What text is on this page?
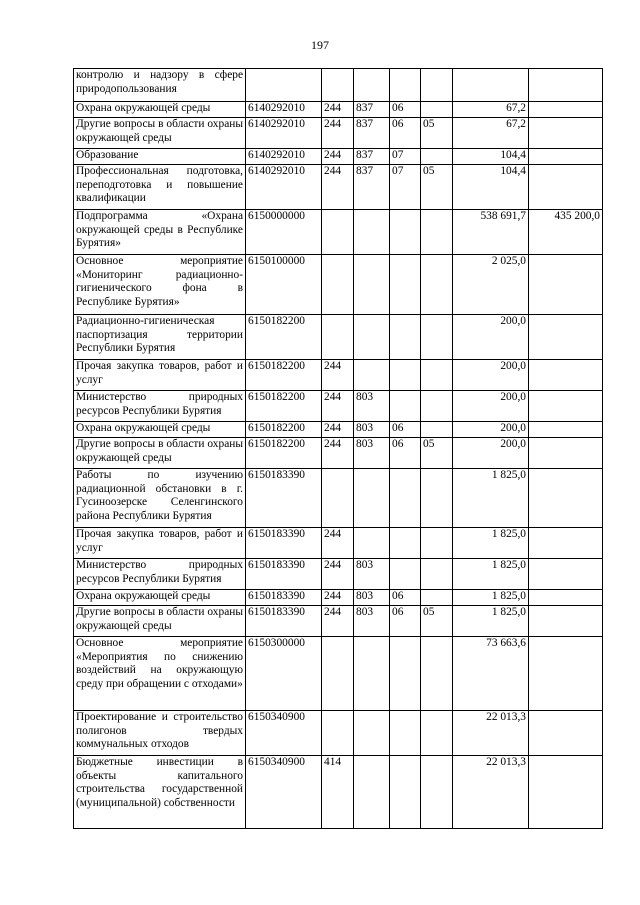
197
контролю и надзору в сфере природопользования							
Охрана окружающей среды	6140292010	244	837	06		67,2	
Другие вопросы в области охраны окружающей среды	6140292010	244	837	06	05	67,2	
Образование	6140292010	244	837	07		104,4	
Профессиональная подготовка, переподготовка и повышение квалификации	6140292010	244	837	07	05	104,4	
Подпрограмма «Охрана окружающей среды в Республике Бурятия»	6150000000					538 691,7	435 200,0
Основное мероприятие «Мониторинг радиационно-гигиенического фона в Республике Бурятия»	6150100000					2 025,0	
Радиационно-гигиеническая паспортизация территории Республики Бурятия	6150182200					200,0	
Прочая закупка товаров, работ и услуг	6150182200	244				200,0	
Министерство природных ресурсов Республики Бурятия	6150182200	244	803			200,0	
Охрана окружающей среды	6150182200	244	803	06		200,0	
Другие вопросы в области охраны окружающей среды	6150182200	244	803	06	05	200,0	
Работы по изучению радиационной обстановки в г. Гусиноозерске Селенгинского района Республики Бурятия	6150183390					1 825,0	
Прочая закупка товаров, работ и услуг	6150183390	244				1 825,0	
Министерство природных ресурсов Республики Бурятия	6150183390	244	803			1 825,0	
Охрана окружающей среды	6150183390	244	803	06		1 825,0	
Другие вопросы в области охраны окружающей среды	6150183390	244	803	06	05	1 825,0	
Основное мероприятие «Мероприятия по снижению воздействий на окружающую среду при обращении с отходами»	6150300000					73 663,6	
Проектирование и строительство полигонов твердых коммунальных отходов	6150340900					22 013,3	
Бюджетные инвестиции в объекты капитального строительства государственной (муниципальной) собственности	6150340900	414				22 013,3	
